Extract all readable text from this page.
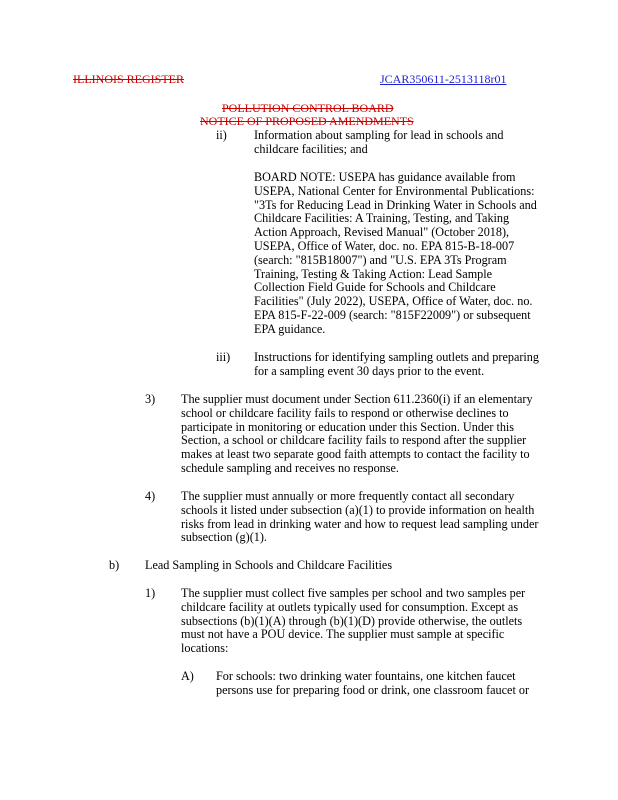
ILLINOIS REGISTER	JCAR350611-2513118r01
POLLUTION CONTROL BOARD
NOTICE OF PROPOSED AMENDMENTS
ii) Information about sampling for lead in schools and
childcare facilities; and
BOARD NOTE: USEPA has guidance available from
USEPA, National Center for Environmental Publications:
"3Ts for Reducing Lead in Drinking Water in Schools and
Childcare Facilities: A Training, Testing, and Taking
Action Approach, Revised Manual" (October 2018),
USEPA, Office of Water, doc. no. EPA 815-B-18-007
(search: "815B18007") and "U.S. EPA 3Ts Program
Training, Testing & Taking Action: Lead Sample
Collection Field Guide for Schools and Childcare
Facilities" (July 2022), USEPA, Office of Water, doc. no.
EPA 815-F-22-009 (search: "815F22009") or subsequent
EPA guidance.
iii) Instructions for identifying sampling outlets and preparing
for a sampling event 30 days prior to the event.
3) The supplier must document under Section 611.2360(i) if an elementary
school or childcare facility fails to respond or otherwise declines to
participate in monitoring or education under this Section. Under this
Section, a school or childcare facility fails to respond after the supplier
makes at least two separate good faith attempts to contact the facility to
schedule sampling and receives no response.
4) The supplier must annually or more frequently contact all secondary
schools it listed under subsection (a)(1) to provide information on health
risks from lead in drinking water and how to request lead sampling under
subsection (g)(1).
b) Lead Sampling in Schools and Childcare Facilities
1) The supplier must collect five samples per school and two samples per
childcare facility at outlets typically used for consumption. Except as
subsections (b)(1)(A) through (b)(1)(D) provide otherwise, the outlets
must not have a POU device. The supplier must sample at specific
locations:
A) For schools: two drinking water fountains, one kitchen faucet
persons use for preparing food or drink, one classroom faucet or
